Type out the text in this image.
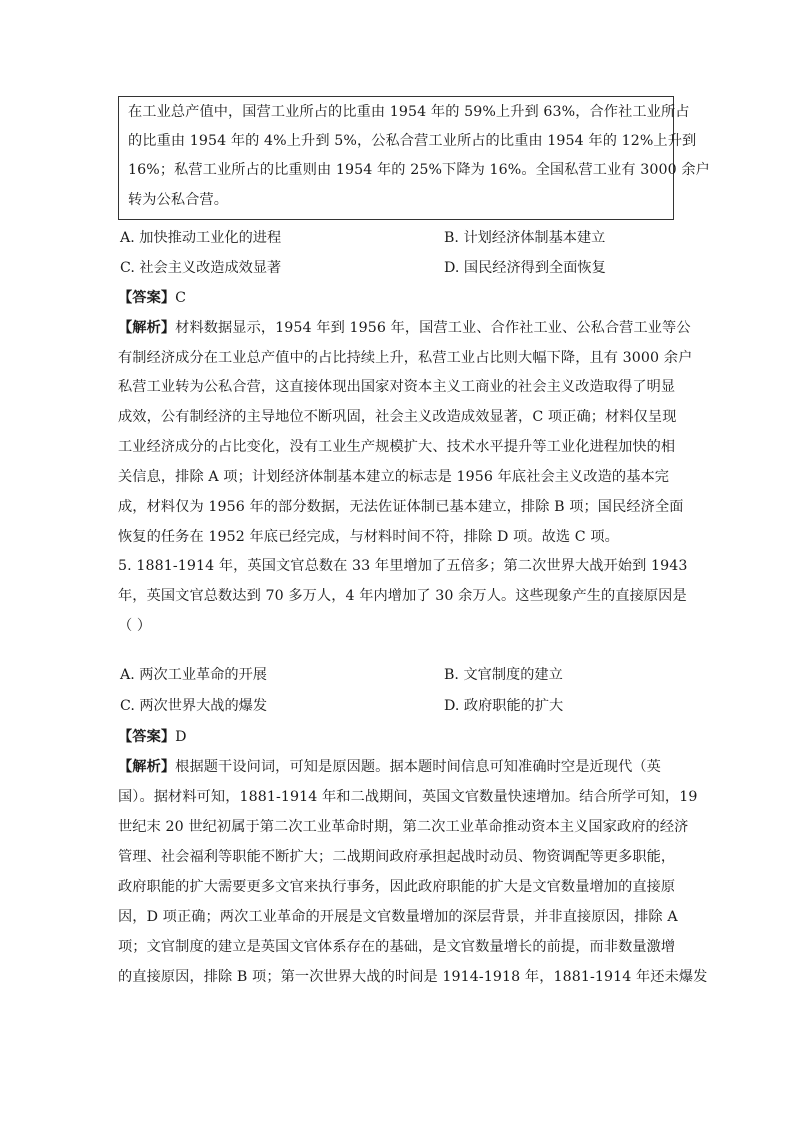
在工业总产值中，国营工业所占的比重由 1954 年的 59%上升到 63%，合作社工业所占
的比重由 1954 年的 4%上升到 5%，公私合营工业所占的比重由 1954 年的 12%上升到
16%；私营工业所占的比重则由 1954 年的 25%下降为 16%。全国私营工业有 3000 余户
转为公私合营。
A. 加快推动工业化的进程	B. 计划经济体制基本建立
C. 社会主义改造成效显著	D. 国民经济得到全面恢复
【答案】C
【解析】材料数据显示，1954 年到 1956 年，国营工业、合作社工业、公私合营工业等公
有制经济成分在工业总产值中的占比持续上升，私营工业占比则大幅下降，且有 3000 余户
私营工业转为公私合营，这直接体现出国家对资本主义工商业的社会主义改造取得了明显
成效，公有制经济的主导地位不断巩固，社会主义改造成效显著，C 项正确；材料仅呈现
工业经济成分的占比变化，没有工业生产规模扩大、技术水平提升等工业化进程加快的相
关信息，排除 A 项；计划经济体制基本建立的标志是 1956 年底社会主义改造的基本完
成，材料仅为 1956 年的部分数据，无法佐证体制已基本建立，排除 B 项；国民经济全面
恢复的任务在 1952 年底已经完成，与材料时间不符，排除 D 项。故选 C 项。
5. 1881-1914 年，英国文官总数在 33 年里增加了五倍多；第二次世界大战开始到 1943
年，英国文官总数达到 70 多万人，4 年内增加了 30 余万人。这些现象产生的直接原因是
（ ）
A. 两次工业革命的开展	B. 文官制度的建立
C. 两次世界大战的爆发	D. 政府职能的扩大
【答案】D
【解析】根据题干设问词，可知是原因题。据本题时间信息可知准确时空是近现代（英
国）。据材料可知，1881-1914 年和二战期间，英国文官数量快速增加。结合所学可知，19
世纪末 20 世纪初属于第二次工业革命时期，第二次工业革命推动资本主义国家政府的经济
管理、社会福利等职能不断扩大；二战期间政府承担起战时动员、物资调配等更多职能，
政府职能的扩大需要更多文官来执行事务，因此政府职能的扩大是文官数量增加的直接原
因，D 项正确；两次工业革命的开展是文官数量增加的深层背景，并非直接原因，排除 A
项；文官制度的建立是英国文官体系存在的基础，是文官数量增长的前提，而非数量激增
的直接原因，排除 B 项；第一次世界大战的时间是 1914-1918 年，1881-1914 年还未爆发
